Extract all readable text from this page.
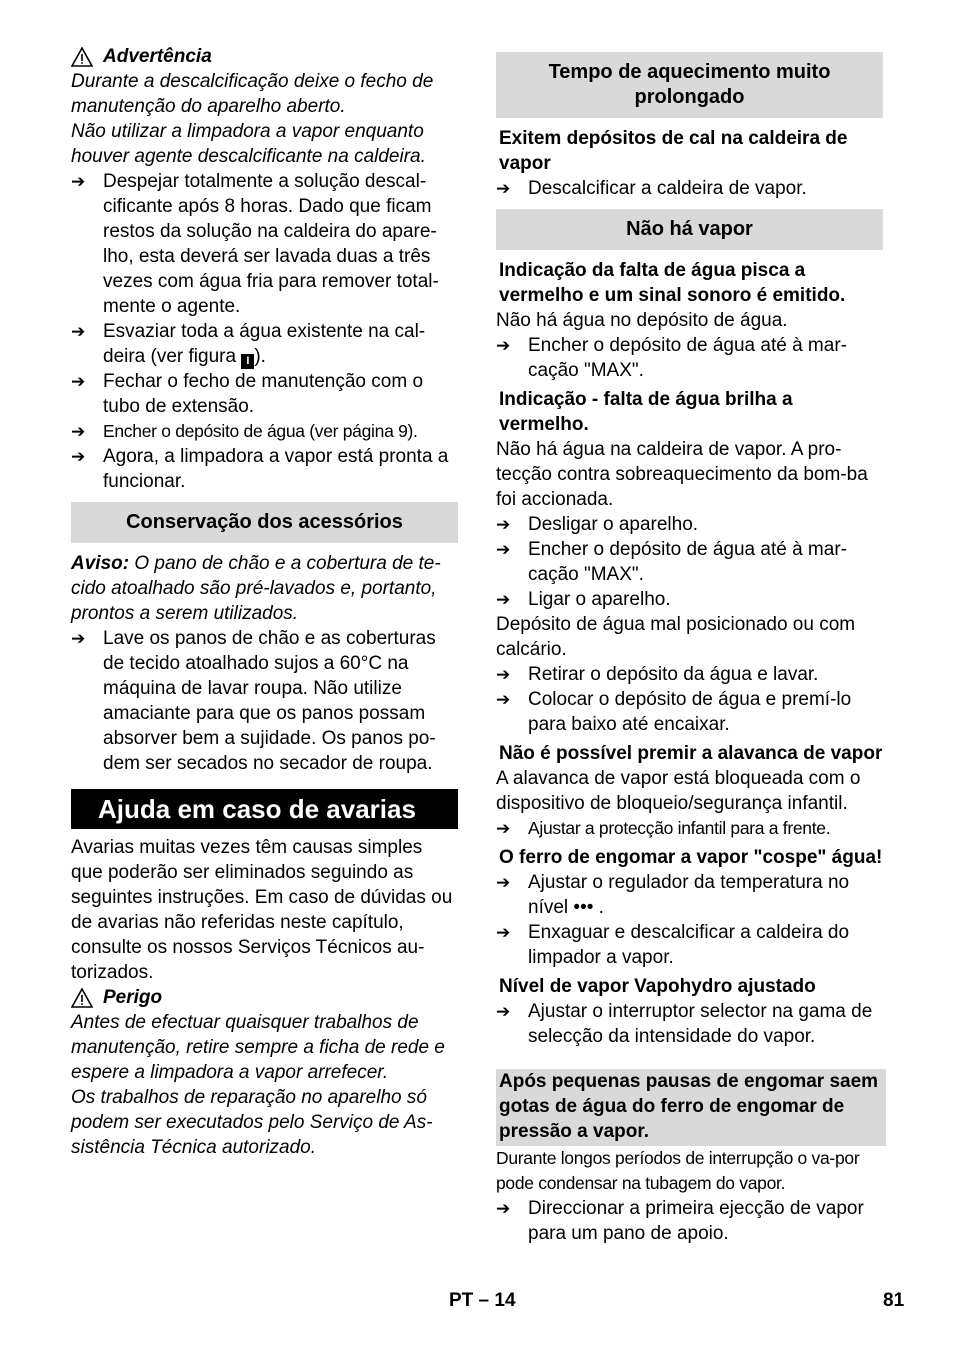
Advertência

Durante a descalcificação deixe o fecho de manutenção do aparelho aberto.

Não utilizar a limpadora a vapor enquanto houver agente descalcificante na caldeira.

➔ Despejar totalmente a solução descal-cificante após 8 horas. Dado que ficam restos da solução na caldeira do apare-lho, esta deverá ser lavada duas a três vezes com água fria para remover total-mente o agente.
➔ Esvaziar toda a água existente na cal-deira (ver figura I ).
➔ Fechar o fecho de manutenção com o tubo de extensão.
➔	Encher o depósito de água (ver página 9).
➔ Agora, a limpadora a vapor está pronta a funcionar.
Conservação dos acessórios

Aviso: O pano de chão e a cobertura de te-cido atoalhado são pré-lavados e, portanto, prontos a serem utilizados.

➔ Lave os panos de chão e as coberturas de tecido atoalhado sujos a 60°C na máquina de lavar roupa. Não utilize amaciante para que os panos possam absorver bem a sujidade. Os panos po-dem ser secados no secador de roupa.
Ajuda em caso de avarias

Avarias muitas vezes têm causas simples que poderão ser eliminados seguindo as seguintes instruções. Em caso de dúvidas ou de avarias não referidas neste capítulo, consulte os nossos Serviços Técnicos au-torizados.

Perigo

Antes de efectuar quaisquer trabalhos de manutenção, retire sempre a ficha de rede e espere a limpadora a vapor arrefecer.

Os trabalhos de reparação no aparelho só podem ser executados pelo Serviço de As-sistência Técnica autorizado.

Tempo de aquecimento muito prolongado

Exitem depósitos de cal na caldeira de vapor

➔ Descalcificar a caldeira de vapor.
Não há vapor

Indicação da falta de água pisca a vermelho e um sinal sonoro é emitido.

Não há água no depósito de água.

➔ Encher o depósito de água até à mar-cação "MAX".

Indicação - falta de água brilha a vermelho.

Não há água na caldeira de vapor. A pro-tecção contra sobreaquecimento da bom-ba foi accionada.

➔ Desligar o aparelho.
➔ Encher o depósito de água até à mar-cação "MAX".
➔ Ligar o aparelho.

Depósito de água mal posicionado ou com calcário.

➔ Retirar o depósito da água e lavar.
➔ Colocar o depósito de água e premí-lo para baixo até encaixar.

Não é possível premir a alavanca de vapor

A alavanca de vapor está bloqueada com o dispositivo de bloqueio/segurança infantil.

➔	Ajustar a protecção infantil para a frente.

O ferro de engomar a vapor "cospe" água!

➔ Ajustar o regulador da temperatura no nível ••• .
➔ Enxaguar e descalcificar a caldeira do limpador a vapor.

Nível de vapor Vapohydro ajustado

➔ Ajustar o interruptor selector na gama de selecção da intensidade do vapor.
Após pequenas pausas de engomar saem gotas de água do ferro de engomar de pressão a vapor.

Durante longos períodos de interrupção o va-por pode condensar na tubagem do vapor.

➔ Direccionar a primeira ejecção de vapor para um pano de apoio.
PT – 14	81
